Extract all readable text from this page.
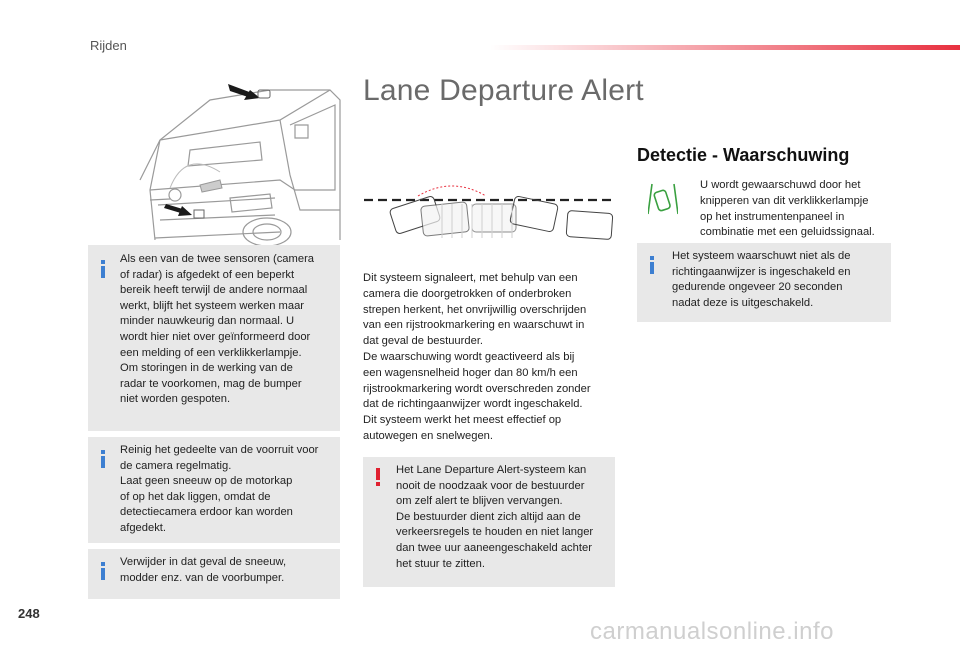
Rijden
Lane Departure Alert
Detectie - Waarschuwing
U wordt gewaarschuwd door het
knipperen van dit verklikkerlampje
op het instrumentenpaneel in
combinatie met een geluidssignaal.
Als een van de twee sensoren (camera
of radar) is afgedekt of een beperkt
bereik heeft terwijl de andere normaal
werkt, blijft het systeem werken maar
minder nauwkeurig dan normaal. U
wordt hier niet over geïnformeerd door
een melding of een verklikkerlampje.
Om storingen in de werking van de
radar te voorkomen, mag de bumper
niet worden gespoten.
Reinig het gedeelte van de voorruit voor
de camera regelmatig.
Laat geen sneeuw op de motorkap
of op het dak liggen, omdat de
detectiecamera erdoor kan worden
afgedekt.
Verwijder in dat geval de sneeuw,
modder enz. van de voorbumper.
Dit systeem signaleert, met behulp van een
camera die doorgetrokken of onderbroken
strepen herkent, het onvrijwillig overschrijden
van een rijstrookmarkering en waarschuwt in
dat geval de bestuurder.
De waarschuwing wordt geactiveerd als bij
een wagensnelheid hoger dan 80 km/h een
rijstrookmarkering wordt overschreden zonder
dat de richtingaanwijzer wordt ingeschakeld.
Dit systeem werkt het meest effectief op
autowegen en snelwegen.
Het Lane Departure Alert-systeem kan
nooit de noodzaak voor de bestuurder
om zelf alert te blijven vervangen.
De bestuurder dient zich altijd aan de
verkeersregels te houden en niet langer
dan twee uur aaneengeschakeld achter
het stuur te zitten.
Het systeem waarschuwt niet als de
richtingaanwijzer is ingeschakeld en
gedurende ongeveer 20 seconden
nadat deze is uitgeschakeld.
248
carmanualsonline.info
